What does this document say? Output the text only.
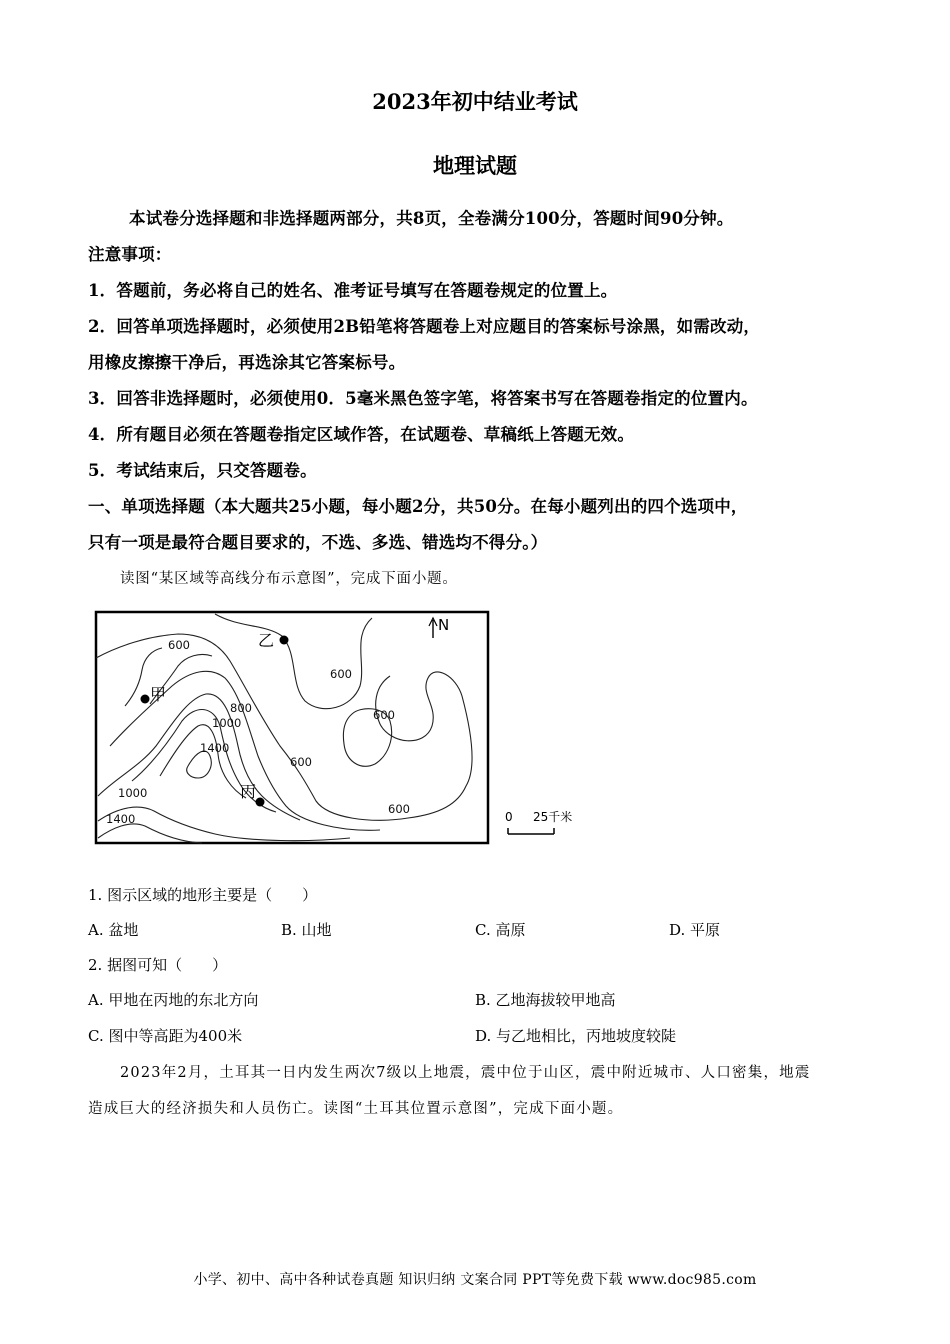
2023年初中结业考试
地理试题
本试卷分选择题和非选择题两部分，共8页，全卷满分100分，答题时间90分钟。
注意事项：
1．答题前，务必将自己的姓名、准考证号填写在答题卷规定的位置上。
2．回答单项选择题时，必须使用2B铅笔将答题卷上对应题目的答案标号涂黑，如需改动，
用橡皮擦擦干净后，再选涂其它答案标号。
3．回答非选择题时，必须使用0．5毫米黑色签字笔，将答案书写在答题卷指定的位置内。
4．所有题目必须在答题卷指定区域作答，在试题卷、草稿纸上答题无效。
5．考试结束后，只交答题卷。
一、单项选择题（本大题共25小题，每小题2分，共50分。在每小题列出的四个选项中，
只有一项是最符合题目要求的，不选、多选、错选均不得分。）
读图“某区域等高线分布示意图”，完成下面小题。
N
乙
甲
丙
600
600
600
600
600
800
1000
1000
1400
1400	0 25千米
1. 图示区域的地形主要是（　　）
A. 盆地	B. 山地	C. 高原	D. 平原
2. 据图可知（　　）
A. 甲地在丙地的东北方向	B. 乙地海拔较甲地高
C. 图中等高距为400米	D. 与乙地相比，丙地坡度较陡
2023年2月，土耳其一日内发生两次7级以上地震，震中位于山区，震中附近城市、人口密集，地震
造成巨大的经济损失和人员伤亡。读图“土耳其位置示意图”，完成下面小题。
小学、初中、高中各种试卷真题 知识归纳 文案合同 PPT等免费下载 www.doc985.com
